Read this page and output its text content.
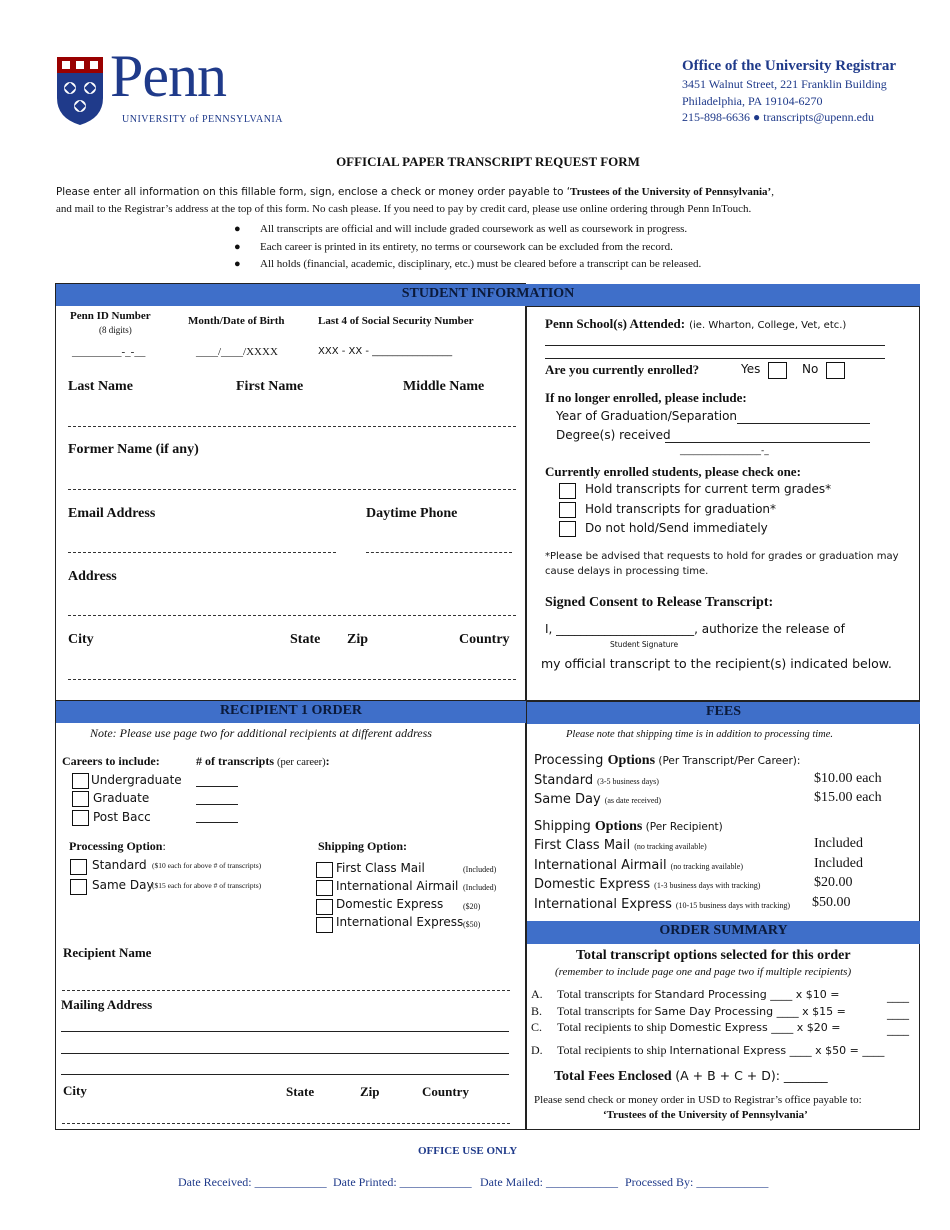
Penn
UNIVERSITY of PENNSYLVANIA
Office of the University Registrar
3451 Walnut Street, 221 Franklin Building
Philadelphia, PA 19104-6270
215-898-6636 ● transcripts@upenn.edu
OFFICIAL PAPER TRANSCRIPT REQUEST FORM
Please enter all information on this fillable form, sign, enclose a check or money order payable to ‘Trustees of the University of Pennsylvania’,
and mail to the Registrar’s address at the top of this form. No cash please. If you need to pay by credit card, please use online ordering through Penn InTouch.
● All transcripts are official and will include graded coursework as well as coursework in progress.
● Each career is printed in its entirety, no terms or coursework can be excluded from the record.
● All holds (financial, academic, disciplinary, etc.) must be cleared before a transcript can be released.
STUDENT INFORMATION
Penn ID Number
(8 digits)
_________-_-__
Month/Date of Birth
____/____/XXXX
Last 4 of Social Security Number
XXX - XX - ________________
Last Name	First Name	Middle Name
Former Name (if any)
Email Address	Daytime Phone
Address
City	State Zip	Country
Penn School(s) Attended: (ie. Wharton, College, Vet, etc.)
Are you currently enrolled?	Yes	No
If no longer enrolled, please include:
Year of Graduation/Separation
Degree(s) received
__________________-_
Currently enrolled students, please check one:
Hold transcripts for current term grades*
Hold transcripts for graduation*
Do not hold/Send immediately
*Please be advised that requests to hold for grades or graduation may
cause delays in processing time.
Signed Consent to Release Transcript:
I, _______________________, authorize the release of
Student Signature
my official transcript to the recipient(s) indicated below.
RECIPIENT 1 ORDER
Note: Please use page two for additional recipients at different address
Careers to include:	# of transcripts (per career):
Undergraduate
Graduate
Post Bacc
Processing Option:
Standard ($10 each for above # of transcripts)
Same Day
($15 each for above # of transcripts)
Shipping Option:
First Class Mail	(Included)
International Airmail (Included)
Domestic Express ($20)
International Express ($50)
Recipient Name
Mailing Address
City	State	Zip	Country
FEES
Please note that shipping time is in addition to processing time.
Processing Options (Per Transcript/Per Career):
Standard (3-5 business days)	$10.00 each
Same Day (as date received)	$15.00 each
Shipping Options (Per Recipient)
First Class Mail (no tracking available)	Included
International Airmail (no tracking available)	Included
Domestic Express (1-3 business days with tracking)	$20.00
International Express (10-15 business days with tracking) $50.00
ORDER SUMMARY
Total transcript options selected for this order
(remember to include page one and page two if multiple recipients)
A. Total transcripts for Standard Processing ____ x $10 =	____
B. Total transcripts for Same Day Processing ____ x $15 =	____
C. Total recipients to ship Domestic Express ____ x $20 =	____
D. Total recipients to ship International Express ____ x $50 = ____
Total Fees Enclosed (A + B + C + D): _______
Please send check or money order in USD to Registrar’s office payable to:
‘Trustees of the University of Pennsylvania’
OFFICE USE ONLY
Date Received: ____________ Date Printed: ____________ Date Mailed: ____________ Processed By: ____________
